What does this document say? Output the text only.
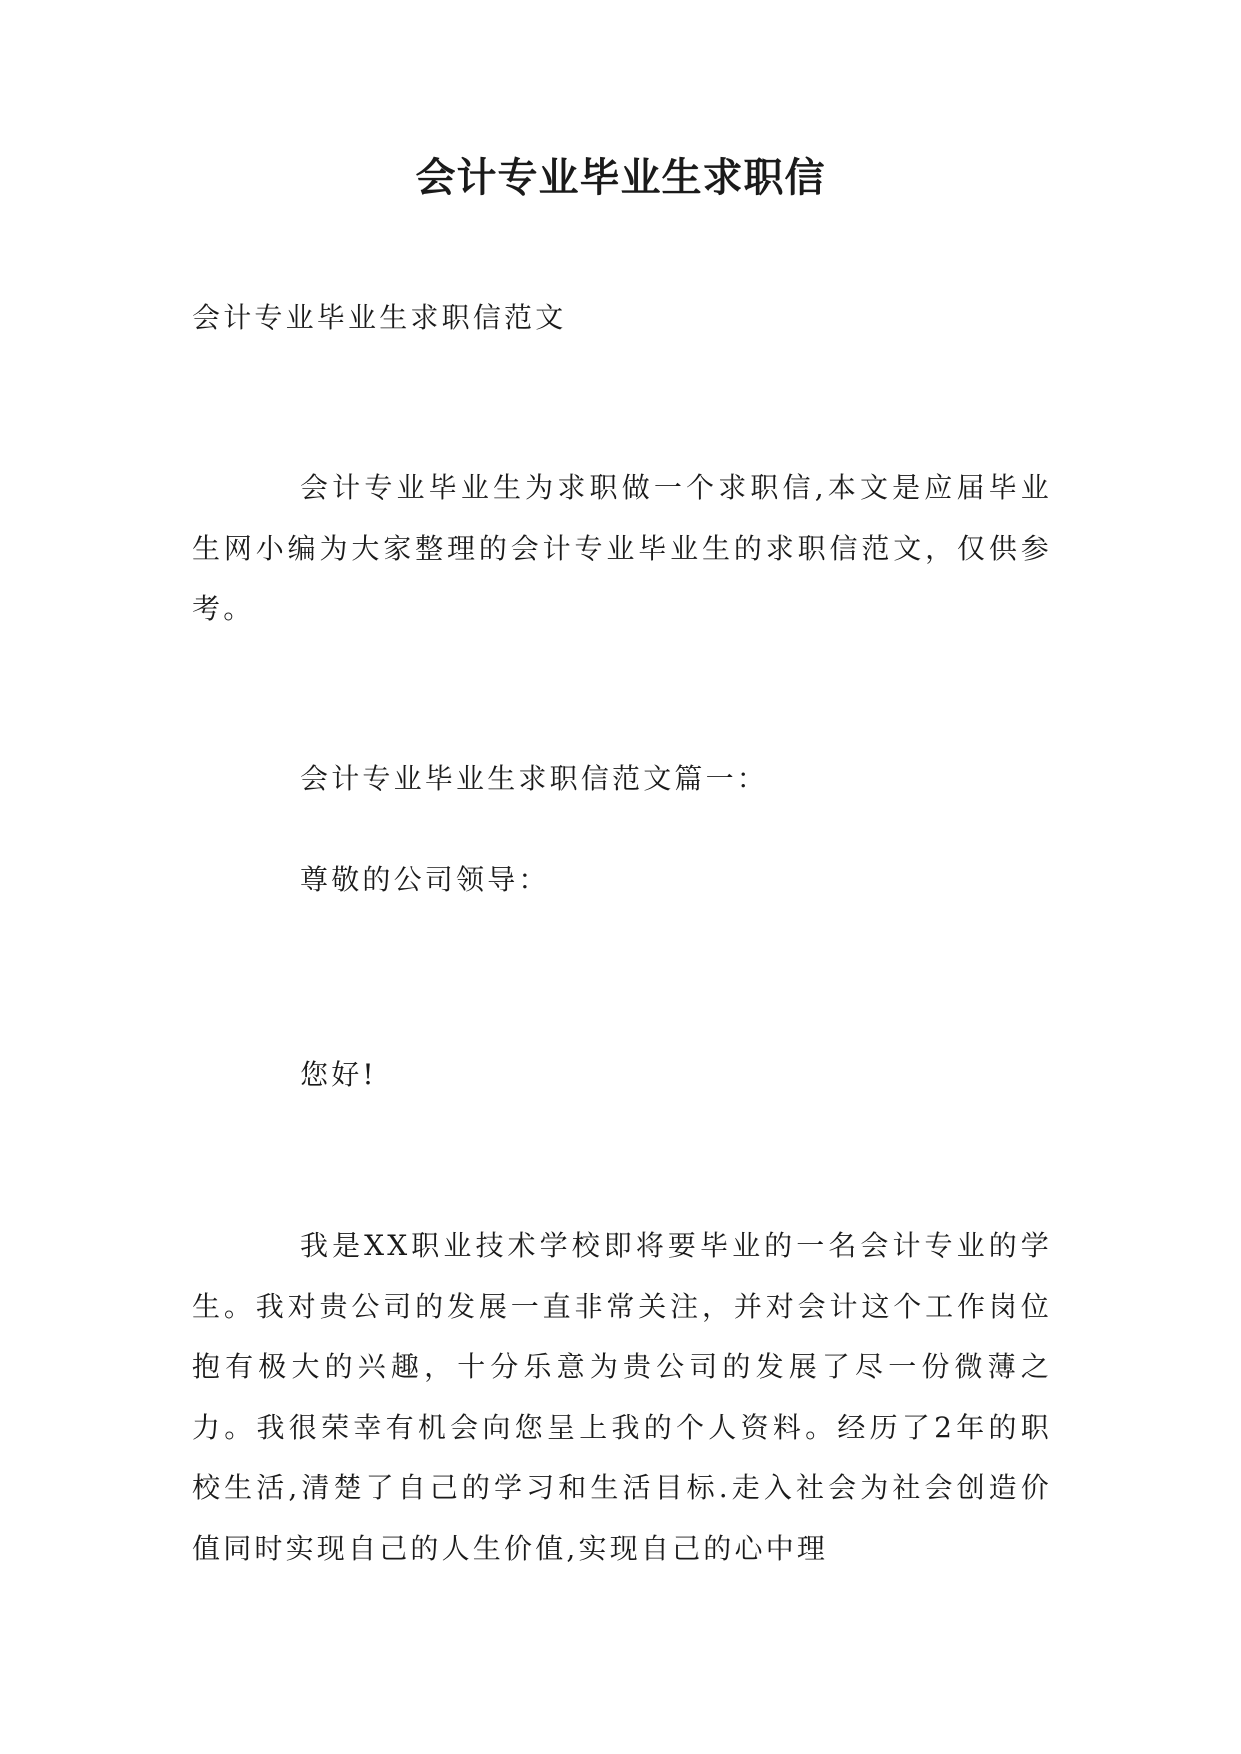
会计专业毕业生求职信
会计专业毕业生求职信范文
会计专业毕业生为求职做一个求职信,本文是应届毕业生网小编为大家整理的会计专业毕业生的求职信范文，仅供参考。
会计专业毕业生求职信范文篇一：
尊敬的公司领导：
您好!
我是XX职业技术学校即将要毕业的一名会计专业的学生。我对贵公司的发展一直非常关注，并对会计这个工作岗位抱有极大的兴趣，十分乐意为贵公司的发展了尽一份微薄之力。我很荣幸有机会向您呈上我的个人资料。经历了2年的职校生活,清楚了自己的学习和生活目标.走入社会为社会创造价值同时实现自己的人生价值,实现自己的心中理
